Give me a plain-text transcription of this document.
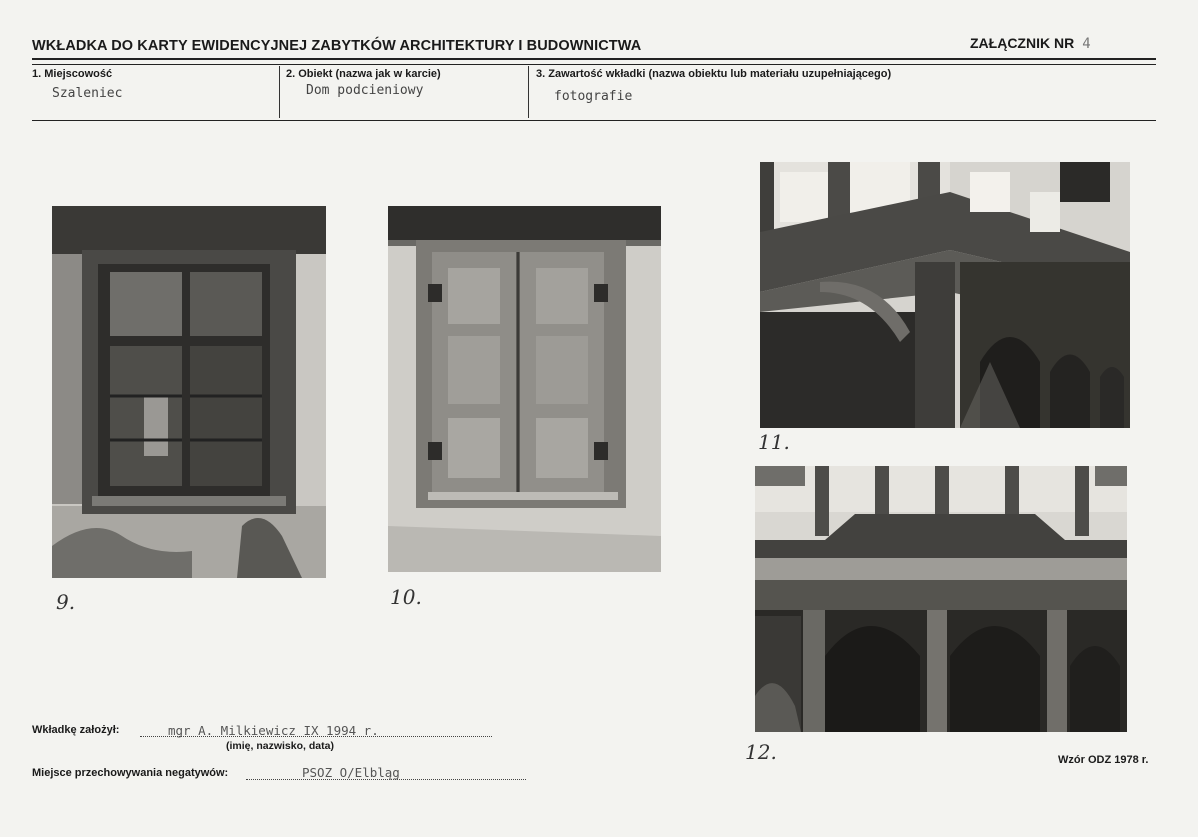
WKŁADKA DO KARTY EWIDENCYJNEJ ZABYTKÓW ARCHITEKTURY I BUDOWNICTWA	ZAŁĄCZNIK NR 4
1. Miejscowość
Szaleniec
2. Obiekt (nazwa jak w karcie)
Dom podcieniowy
3. Zawartość wkładki (nazwa obiektu lub materiału uzupełniającego)
fotografie
9.	10.
11.
12.
Wkładkę założył:	mgr A. Milkiewicz IX 1994 r.
(imię, nazwisko, data)
Miejsce przechowywania negatywów:	PSOZ O/Elbląg
Wzór ODZ 1978 r.
